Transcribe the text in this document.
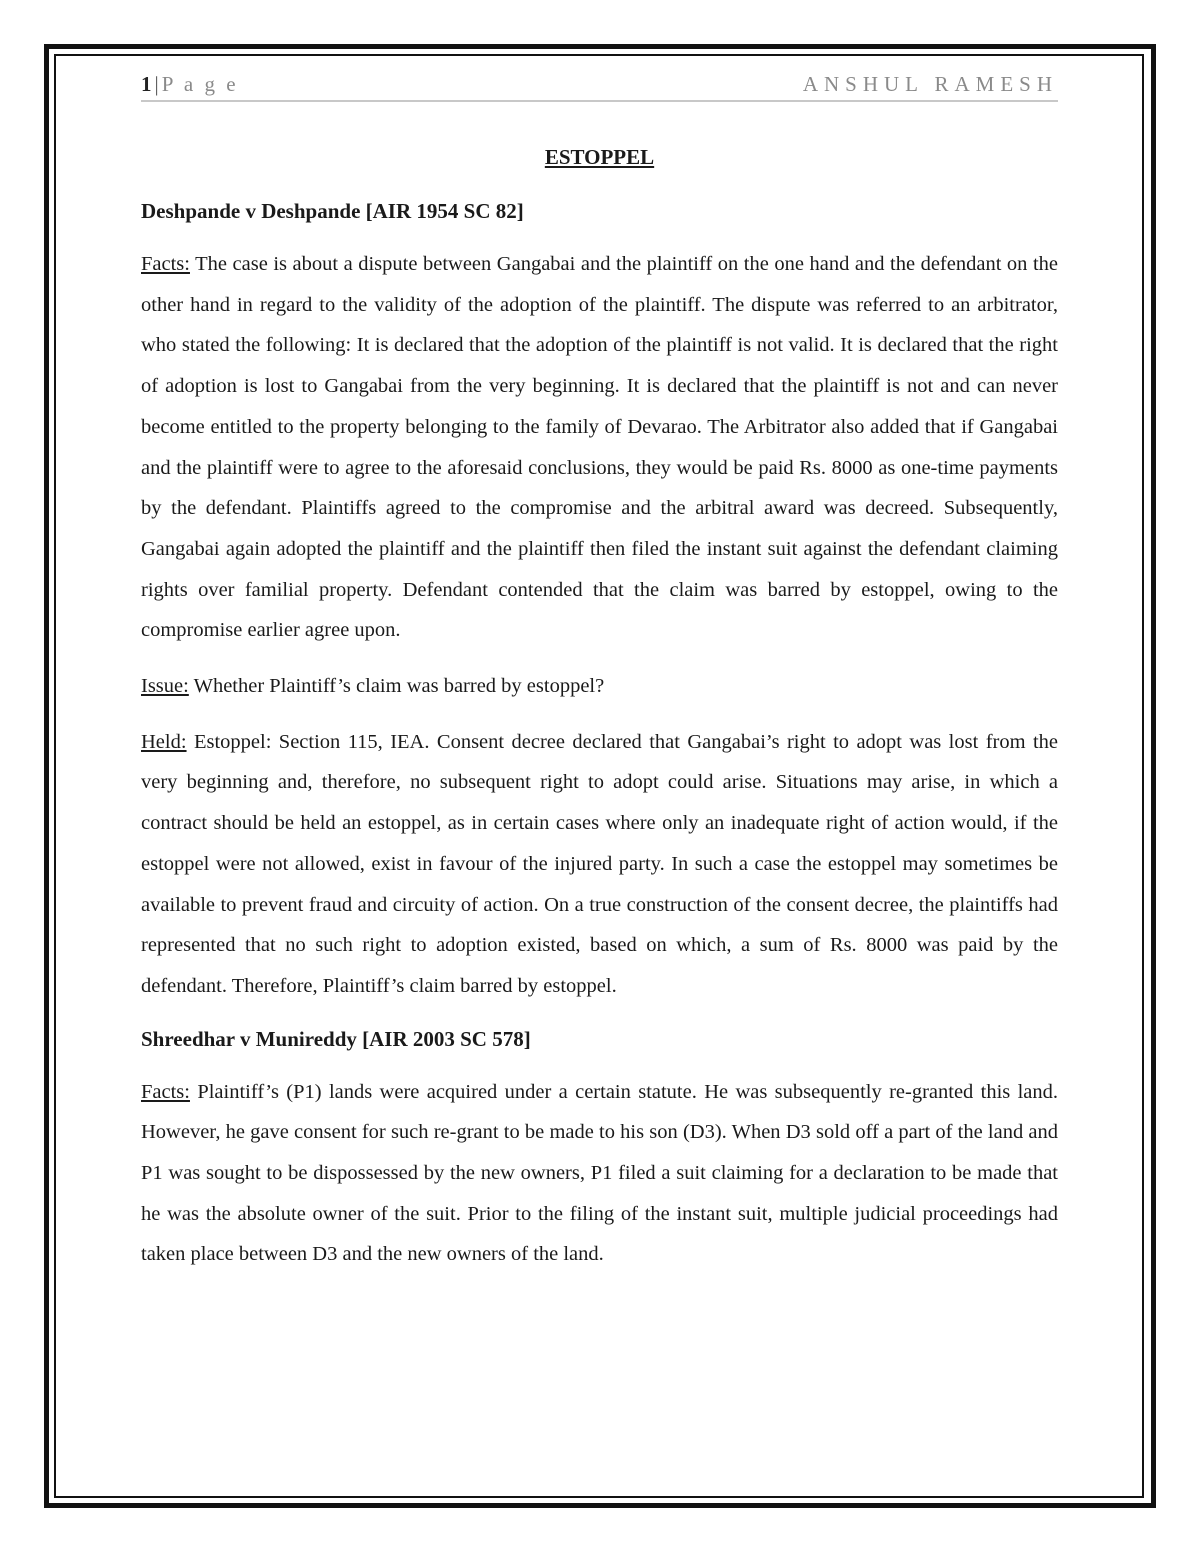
1 | P a g e	ANSHUL RAMESH
ESTOPPEL
Deshpande v Deshpande [AIR 1954 SC 82]

Facts: The case is about a dispute between Gangabai and the plaintiff on the one hand and the defendant on the other hand in regard to the validity of the adoption of the plaintiff. The dispute was referred to an arbitrator, who stated the following: It is declared that the adoption of the plaintiff is not valid. It is declared that the right of adoption is lost to Gangabai from the very beginning. It is declared that the plaintiff is not and can never become entitled to the property belonging to the family of Devarao. The Arbitrator also added that if Gangabai and the plaintiff were to agree to the aforesaid conclusions, they would be paid Rs. 8000 as one-time payments by the defendant. Plaintiffs agreed to the compromise and the arbitral award was decreed. Subsequently, Gangabai again adopted the plaintiff and the plaintiff then filed the instant suit against the defendant claiming rights over familial property. Defendant contended that the claim was barred by estoppel, owing to the compromise earlier agree upon.

Issue: Whether Plaintiff’s claim was barred by estoppel?

Held: Estoppel: Section 115, IEA. Consent decree declared that Gangabai’s right to adopt was lost from the very beginning and, therefore, no subsequent right to adopt could arise. Situations may arise, in which a contract should be held an estoppel, as in certain cases where only an inadequate right of action would, if the estoppel were not allowed, exist in favour of the injured party. In such a case the estoppel may sometimes be available to prevent fraud and circuity of action. On a true construction of the consent decree, the plaintiffs had represented that no such right to adoption existed, based on which, a sum of Rs. 8000 was paid by the defendant. Therefore, Plaintiff’s claim barred by estoppel.

Shreedhar v Munireddy [AIR 2003 SC 578]

Facts: Plaintiff’s (P1) lands were acquired under a certain statute. He was subsequently re-granted this land. However, he gave consent for such re-grant to be made to his son (D3). When D3 sold off a part of the land and P1 was sought to be dispossessed by the new owners, P1 filed a suit claiming for a declaration to be made that he was the absolute owner of the suit. Prior to the filing of the instant suit, multiple judicial proceedings had taken place between D3 and the new owners of the land.
